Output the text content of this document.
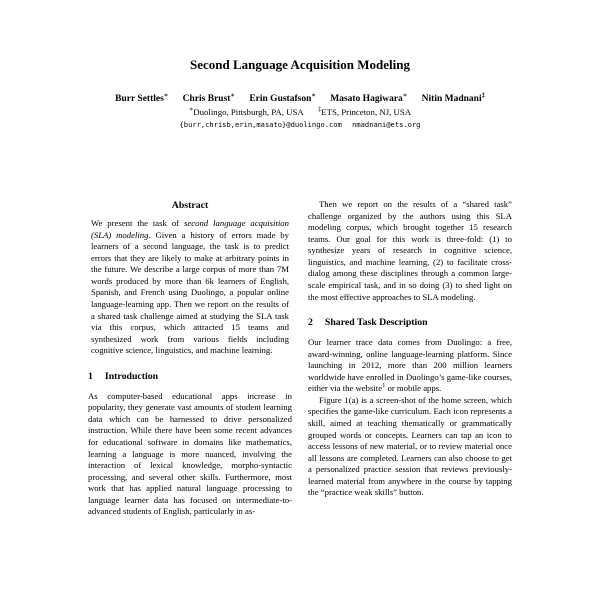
Second Language Acquisition Modeling
Burr Settles∗ Chris Brust∗ Erin Gustafson∗ Masato Hagiwara∗ Nitin Madnani‡
∗Duolingo, Pittsburgh, PA, USA ‡ETS, Princeton, NJ, USA
{burr,chrisb,erin,masato}@duolingo.com nmadnani@ets.org
Abstract

We present the task of second language acquisition (SLA) modeling. Given a history of errors made by learners of a second language, the task is to predict errors that they are likely to make at arbitrary points in the future. We describe a large corpus of more than 7M words produced by more than 6k learners of English, Spanish, and French using Duolingo, a popular online language-learning app. Then we report on the results of a shared task challenge aimed at studying the SLA task via this corpus, which attracted 15 teams and synthesized work from various fields including cognitive science, linguistics, and machine learning.

1 Introduction

As computer-based educational apps increase in popularity, they generate vast amounts of student learning data which can be harnessed to drive personalized instruction. While there have been some recent advances for educational software in domains like mathematics, learning a language is more nuanced, involving the interaction of lexical knowledge, morpho-syntactic processing, and several other skills. Furthermore, most work that has applied natural language processing to language learner data has focused on intermediate-to-advanced students of English, particularly in as-

Then we report on the results of a “shared task” challenge organized by the authors using this SLA modeling corpus, which brought together 15 research teams. Our goal for this work is three-fold: (1) to synthesize years of research in cognitive science, linguistics, and machine learning, (2) to facilitate cross-dialog among these disciplines through a common large-scale empirical task, and in so doing (3) to shed light on the most effective approaches to SLA modeling.

2 Shared Task Description

Our learner trace data comes from Duolingo: a free, award-winning, online language-learning platform. Since launching in 2012, more than 200 million learners worldwide have enrolled in Duolingo’s game-like courses, either via the website$^1$ or mobile apps.

Figure 1(a) is a screen-shot of the home screen, which specifies the game-like curriculum. Each icon represents a skill, aimed at teaching thematically or grammatically grouped words or concepts. Learners can tap an icon to access lessons of new material, or to review material once all lessons are completed. Learners can also choose to get a personalized practice session that reviews previously-learned material from anywhere in the course by tapping the “practice weak skills” button.
